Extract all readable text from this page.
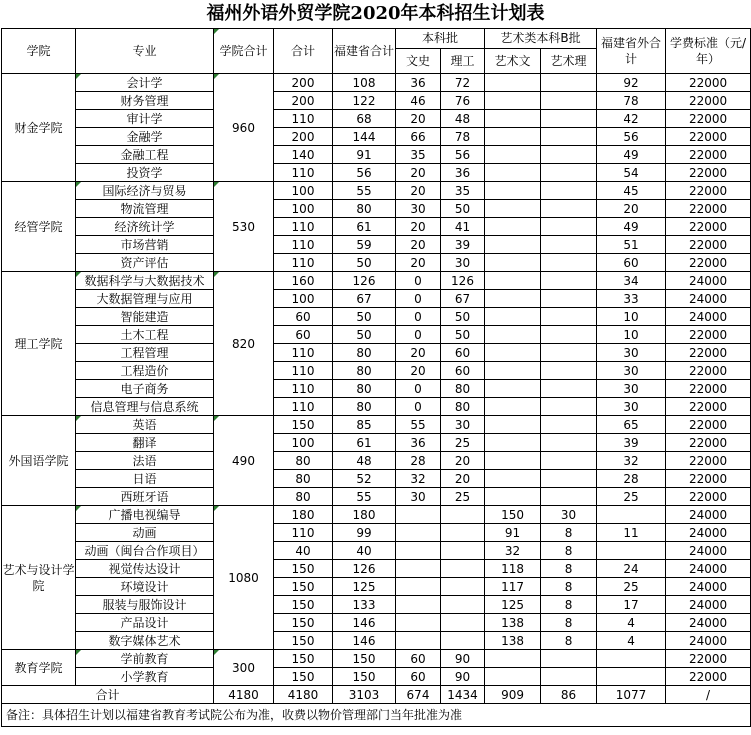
福州外语外贸学院2020年本科招生计划表
学院	专业	学院合计	合计	福建省合计	本科批		艺术类本科B批		福建省外合计	学费标准（元/年）
					文史	理工	艺术文	艺术理		
财金学院	会计学	960	200	108	36	72			92	22000
	财务管理		200	122	46	76			78	22000
	审计学		110	68	20	48			42	22000
	金融学		200	144	66	78			56	22000
	金融工程		140	91	35	56			49	22000
	投资学		110	56	20	36			54	22000
经管学院	国际经济与贸易	530	100	55	20	35			45	22000
	物流管理		100	80	30	50			20	22000
	经济统计学		110	61	20	41			49	22000
	市场营销		110	59	20	39			51	22000
	资产评估		110	50	20	30			60	22000
理工学院	数据科学与大数据技术	820	160	126	0	126			34	24000
	大数据管理与应用		100	67	0	67			33	24000
	智能建造		60	50	0	50			10	24000
	土木工程		60	50	0	50			10	22000
	工程管理		110	80	20	60			30	22000
	工程造价		110	80	20	60			30	22000
	电子商务		110	80	0	80			30	22000
	信息管理与信息系统		110	80	0	80			30	22000
外国语学院	英语	490	150	85	55	30			65	22000
	翻译		100	61	36	25			39	22000
	法语		80	48	28	20			32	22000
	日语		80	52	32	20			28	22000
	西班牙语		80	55	30	25			25	22000
艺术与设计学院	广播电视编导	1080	180	180			150	30		24000
	动画		110	99			91	8	11	24000
	动画（闽台合作项目）		40	40			32	8		24000
	视觉传达设计		150	126			118	8	24	24000
	环境设计		150	125			117	8	25	24000
	服装与服饰设计		150	133			125	8	17	24000
	产品设计		150	146			138	8	4	24000
	数字媒体艺术		150	146			138	8	4	24000
教育学院	学前教育	300	150	150	60	90				22000
	小学教育		150	150	60	90				22000
合计		4180	4180	3103	674	1434	909	86	1077	/
备注：具体招生计划以福建省教育考试院公布为准，收费以物价管理部门当年批准为准										
